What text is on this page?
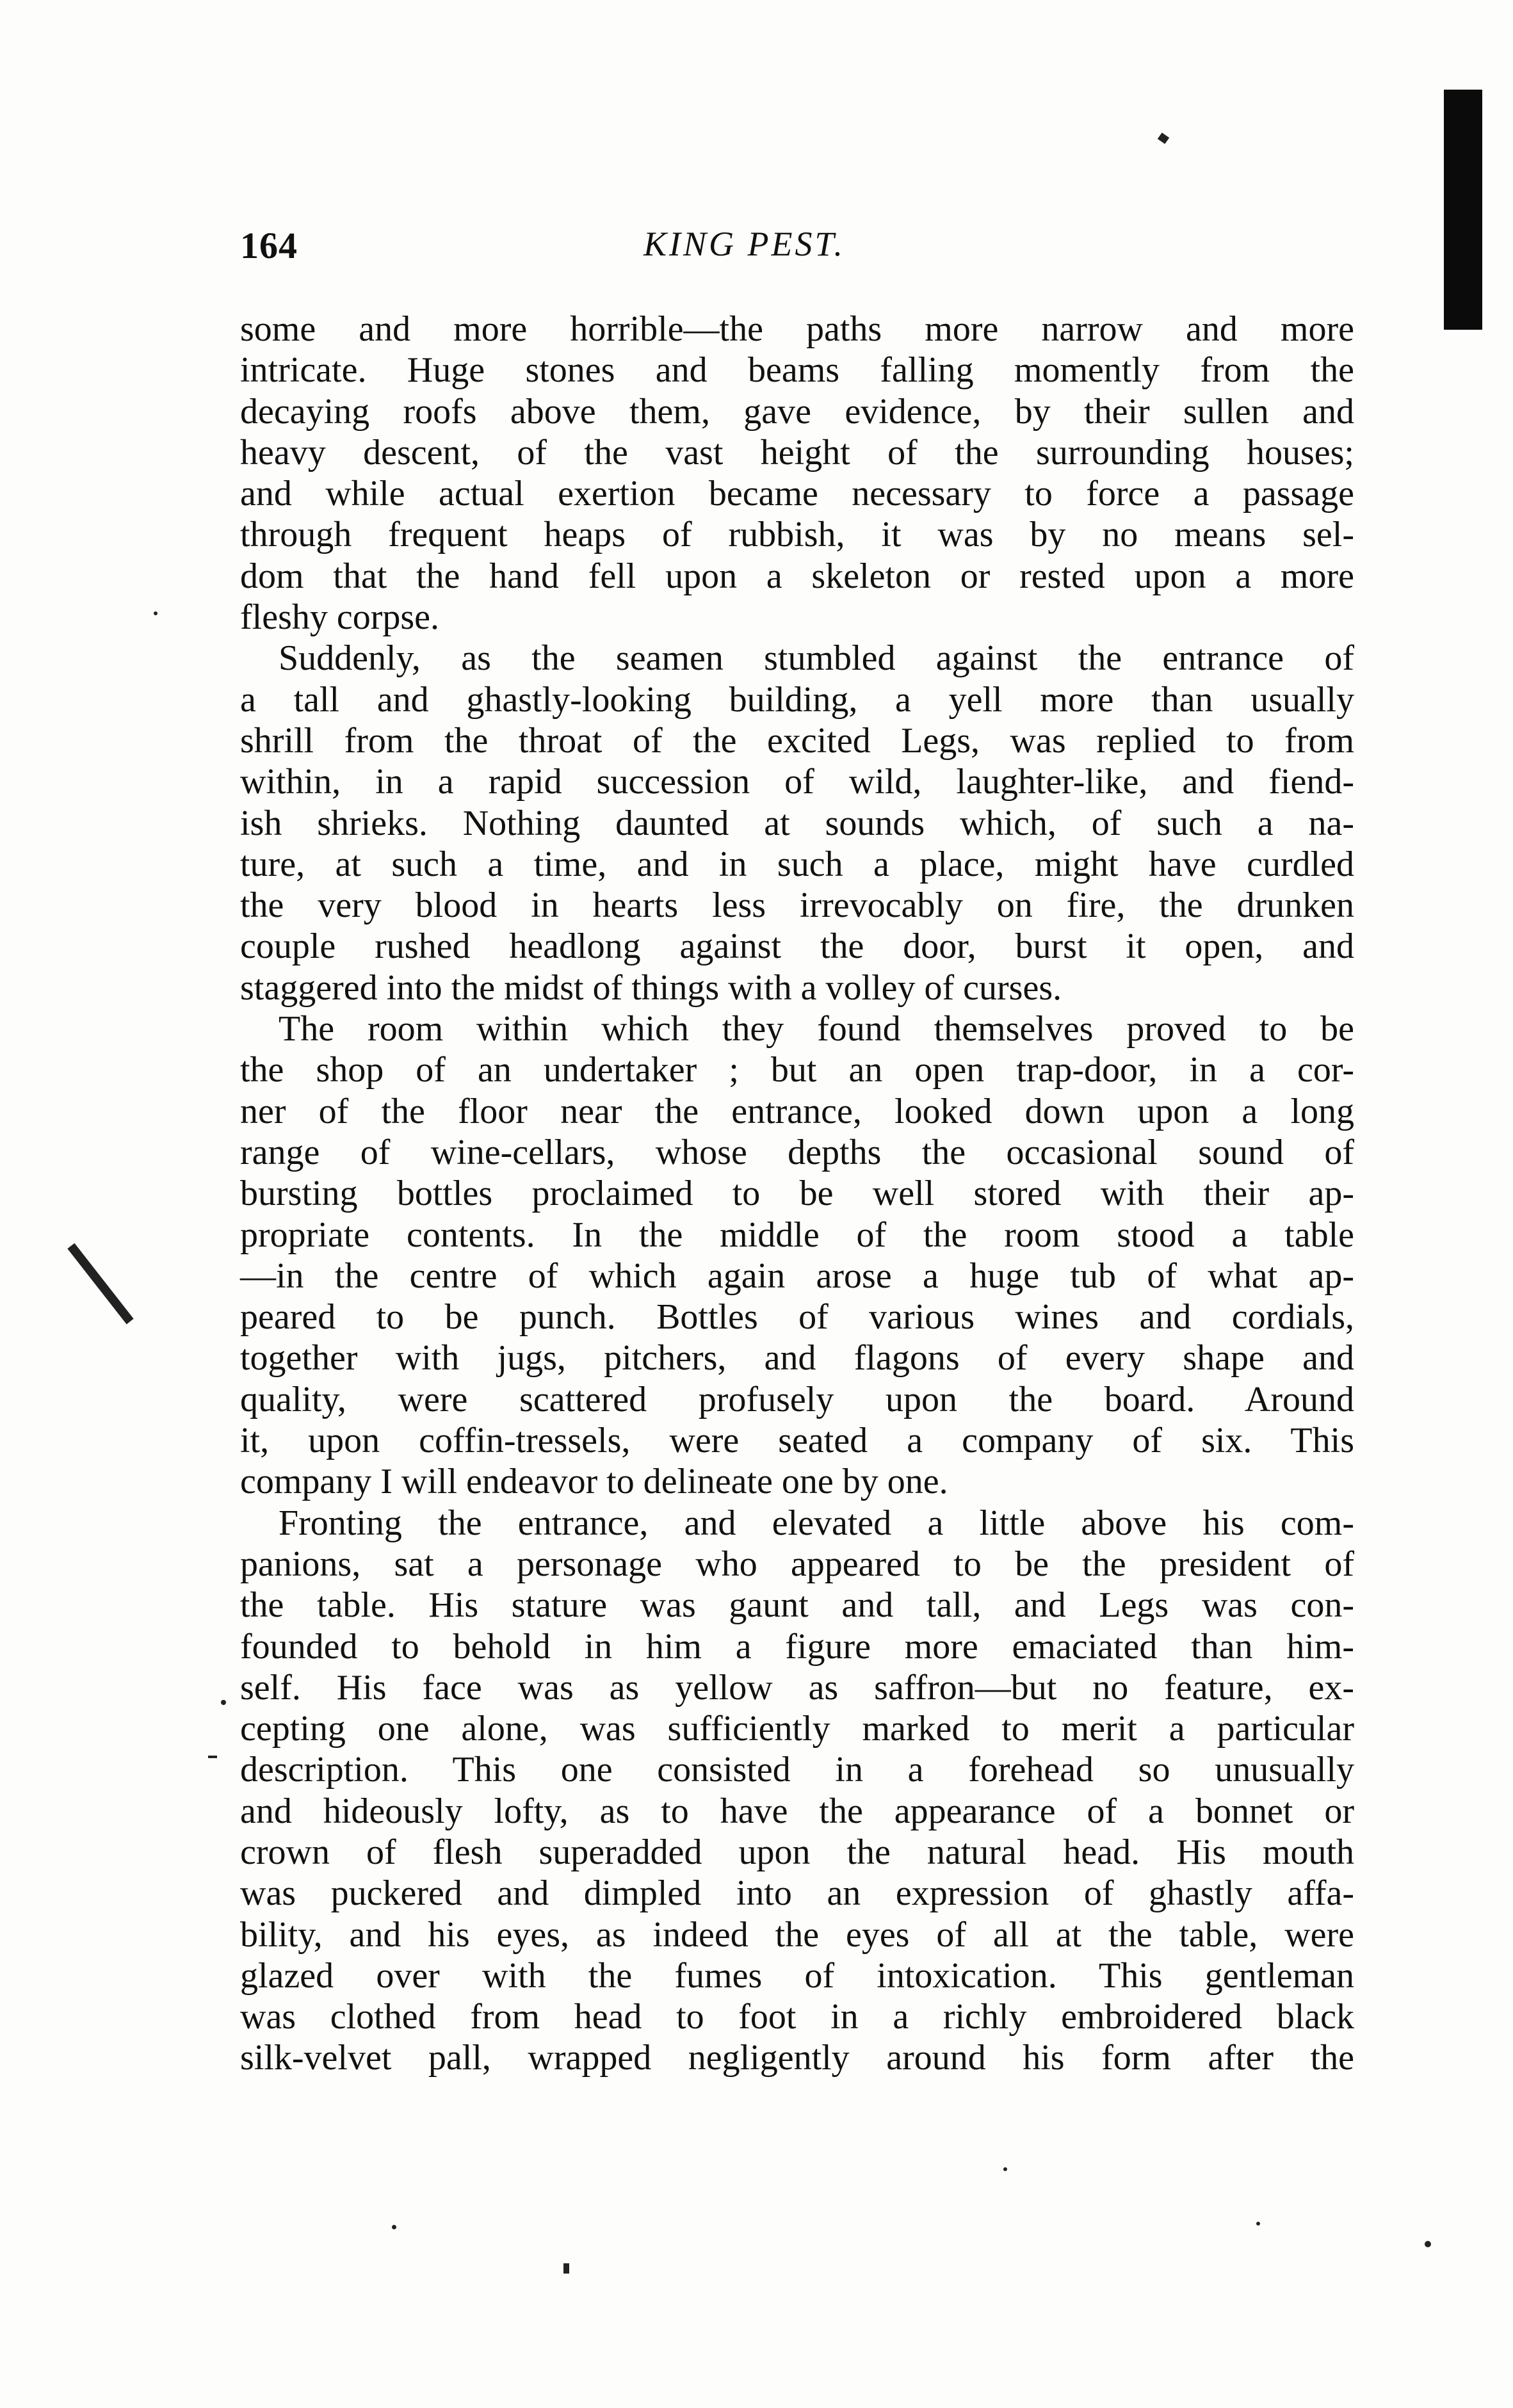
164	KING PEST.
some and more horrible—the paths more narrow and more
intricate. Huge stones and beams falling momently from the
decaying roofs above them, gave evidence, by their sullen and
heavy descent, of the vast height of the surrounding houses;
and while actual exertion became necessary to force a passage
through frequent heaps of rubbish, it was by no means sel-
dom that the hand fell upon a skeleton or rested upon a more
fleshy corpse.
Suddenly, as the seamen stumbled against the entrance of
a tall and ghastly-looking building, a yell more than usually
shrill from the throat of the excited Legs, was replied to from
within, in a rapid succession of wild, laughter-like, and fiend-
ish shrieks. Nothing daunted at sounds which, of such a na-
ture, at such a time, and in such a place, might have curdled
the very blood in hearts less irrevocably on fire, the drunken
couple rushed headlong against the door, burst it open, and
staggered into the midst of things with a volley of curses.
The room within which they found themselves proved to be
the shop of an undertaker ; but an open trap-door, in a cor-
ner of the floor near the entrance, looked down upon a long
range of wine-cellars, whose depths the occasional sound of
bursting bottles proclaimed to be well stored with their ap-
propriate contents. In the middle of the room stood a table
—in the centre of which again arose a huge tub of what ap-
peared to be punch. Bottles of various wines and cordials,
together with jugs, pitchers, and flagons of every shape and
quality, were scattered profusely upon the board. Around
it, upon coffin-tressels, were seated a company of six. This
company I will endeavor to delineate one by one.
Fronting the entrance, and elevated a little above his com-
panions, sat a personage who appeared to be the president of
the table. His stature was gaunt and tall, and Legs was con-
founded to behold in him a figure more emaciated than him-
self. His face was as yellow as saffron—but no feature, ex-
cepting one alone, was sufficiently marked to merit a particular
description. This one consisted in a forehead so unusually
and hideously lofty, as to have the appearance of a bonnet or
crown of flesh superadded upon the natural head. His mouth
was puckered and dimpled into an expression of ghastly affa-
bility, and his eyes, as indeed the eyes of all at the table, were
glazed over with the fumes of intoxication. This gentleman
was clothed from head to foot in a richly embroidered black
silk-velvet pall, wrapped negligently around his form after the
